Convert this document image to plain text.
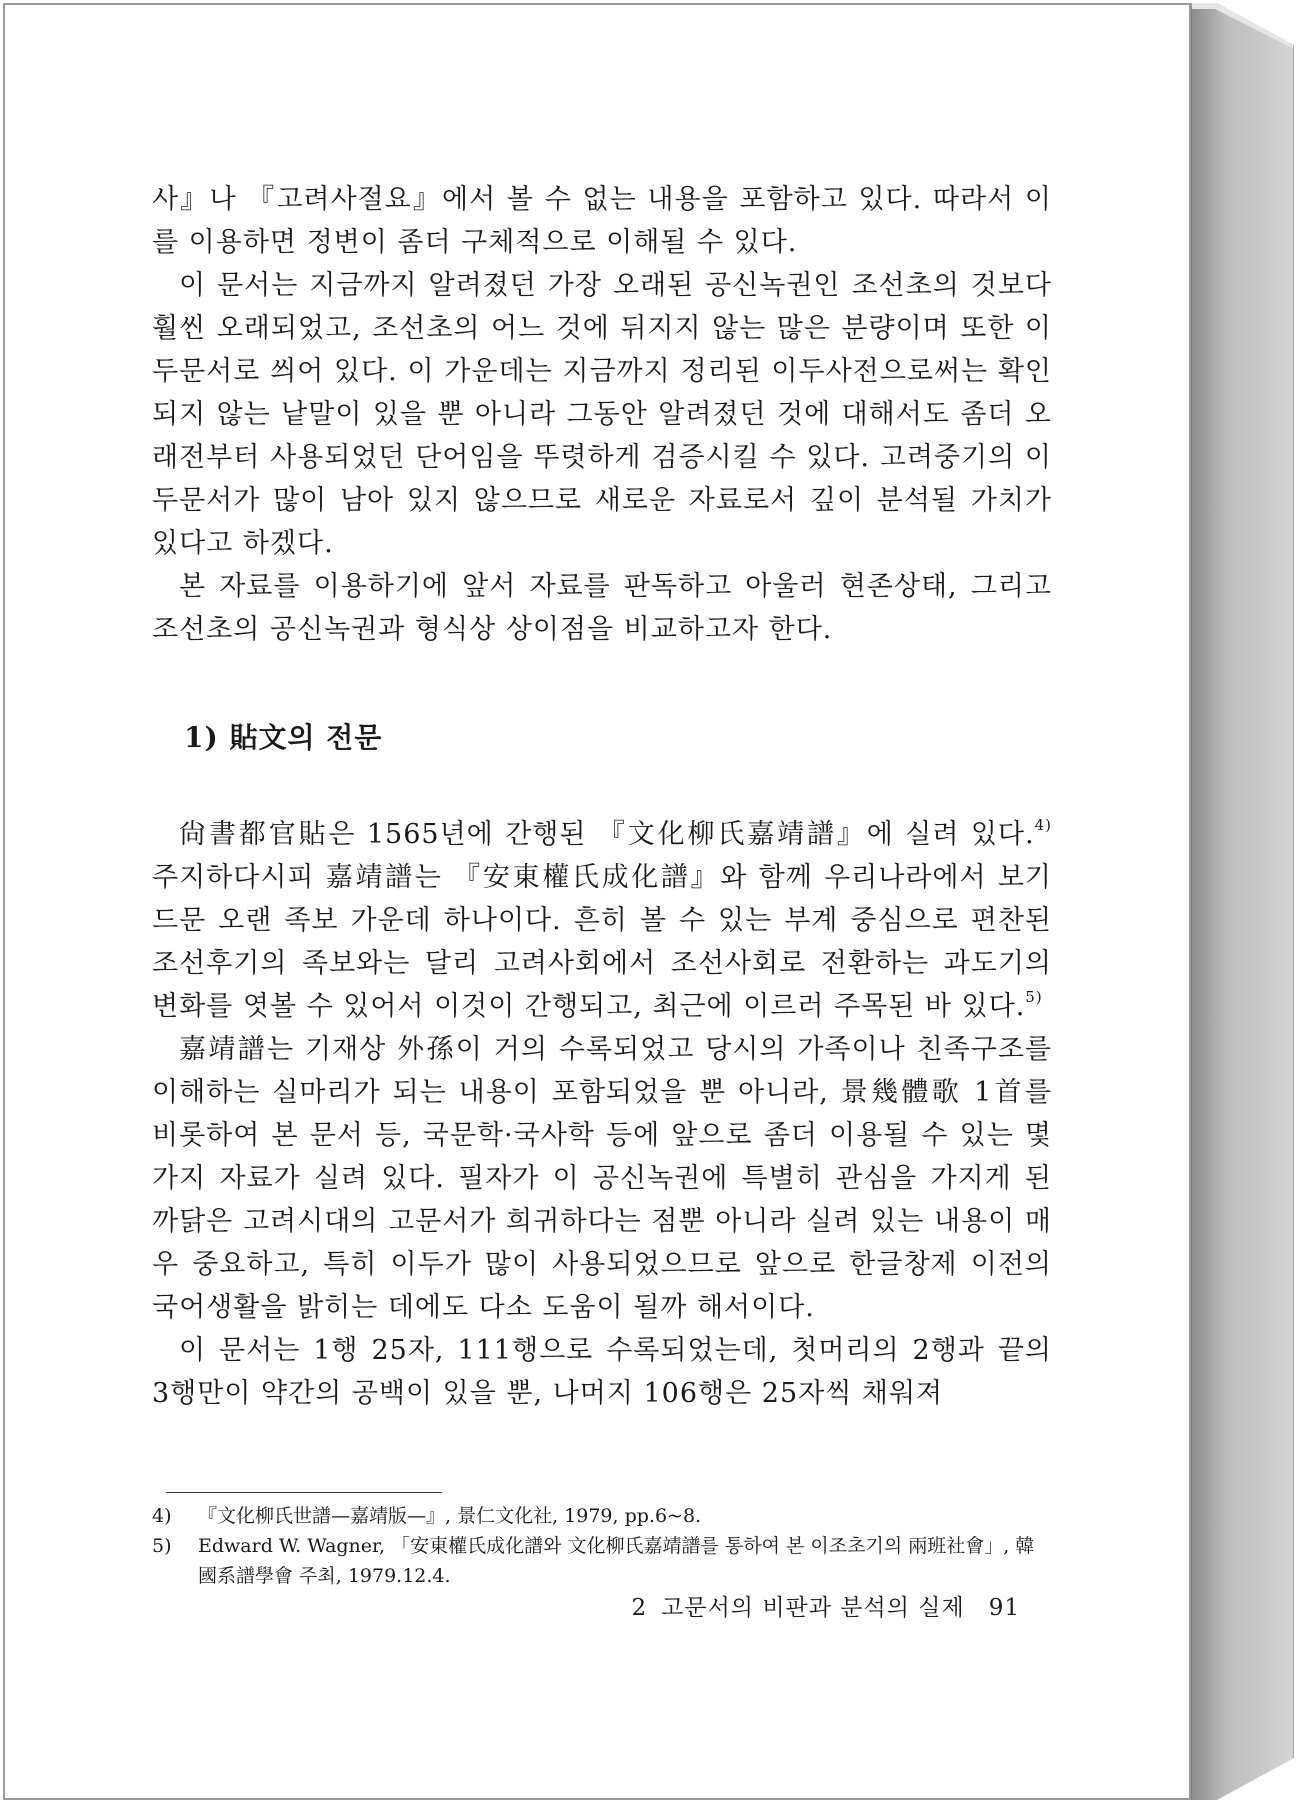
사』나 『고려사절요』에서 볼 수 없는 내용을 포함하고 있다. 따라서 이를 이용하면 정변이 좀더 구체적으로 이해될 수 있다.

이 문서는 지금까지 알려졌던 가장 오래된 공신녹권인 조선초의 것보다 훨씬 오래되었고, 조선초의 어느 것에 뒤지지 않는 많은 분량이며 또한 이두문서로 씌어 있다. 이 가운데는 지금까지 정리된 이두사전으로써는 확인되지 않는 낱말이 있을 뿐 아니라 그동안 알려졌던 것에 대해서도 좀더 오래전부터 사용되었던 단어임을 뚜렷하게 검증시킬 수 있다. 고려중기의 이두문서가 많이 남아 있지 않으므로 새로운 자료로서 깊이 분석될 가치가 있다고 하겠다.

본 자료를 이용하기에 앞서 자료를 판독하고 아울러 현존상태, 그리고 조선초의 공신녹권과 형식상 상이점을 비교하고자 한다.

1) 貼文의 전문

尙書都官貼은 1565년에 간행된 『文化柳氏嘉靖譜』에 실려 있다.$^{4)}$ 주지하다시피 嘉靖譜는 『安東權氏成化譜』와 함께 우리나라에서 보기 드문 오랜 족보 가운데 하나이다. 흔히 볼 수 있는 부계 중심으로 편찬된 조선후기의 족보와는 달리 고려사회에서 조선사회로 전환하는 과도기의 변화를 엿볼 수 있어서 이것이 간행되고, 최근에 이르러 주목된 바 있다.$^{5)}$

嘉靖譜는 기재상 外孫이 거의 수록되었고 당시의 가족이나 친족구조를 이해하는 실마리가 되는 내용이 포함되었을 뿐 아니라, 景幾體歌 1首를 비롯하여 본 문서 등, 국문학·국사학 등에 앞으로 좀더 이용될 수 있는 몇 가지 자료가 실려 있다. 필자가 이 공신녹권에 특별히 관심을 가지게 된 까닭은 고려시대의 고문서가 희귀하다는 점뿐 아니라 실려 있는 내용이 매우 중요하고, 특히 이두가 많이 사용되었으므로 앞으로 한글창제 이전의 국어생활을 밝히는 데에도 다소 도움이 될까 해서이다.

이 문서는 1행 25자, 111행으로 수록되었는데, 첫머리의 2행과 끝의 3행만이 약간의 공백이 있을 뿐, 나머지 106행은 25자씩 채워져

4) 『文化柳氏世譜—嘉靖版—』, 景仁文化社, 1979, pp.6~8.

5) Edward W. Wagner, 「安東權氏成化譜와 文化柳氏嘉靖譜를 통하여 본 이조초기의 兩班社會」, 韓國系譜學會 주최, 1979.12.4.

2 고문서의 비판과 분석의 실제 91
